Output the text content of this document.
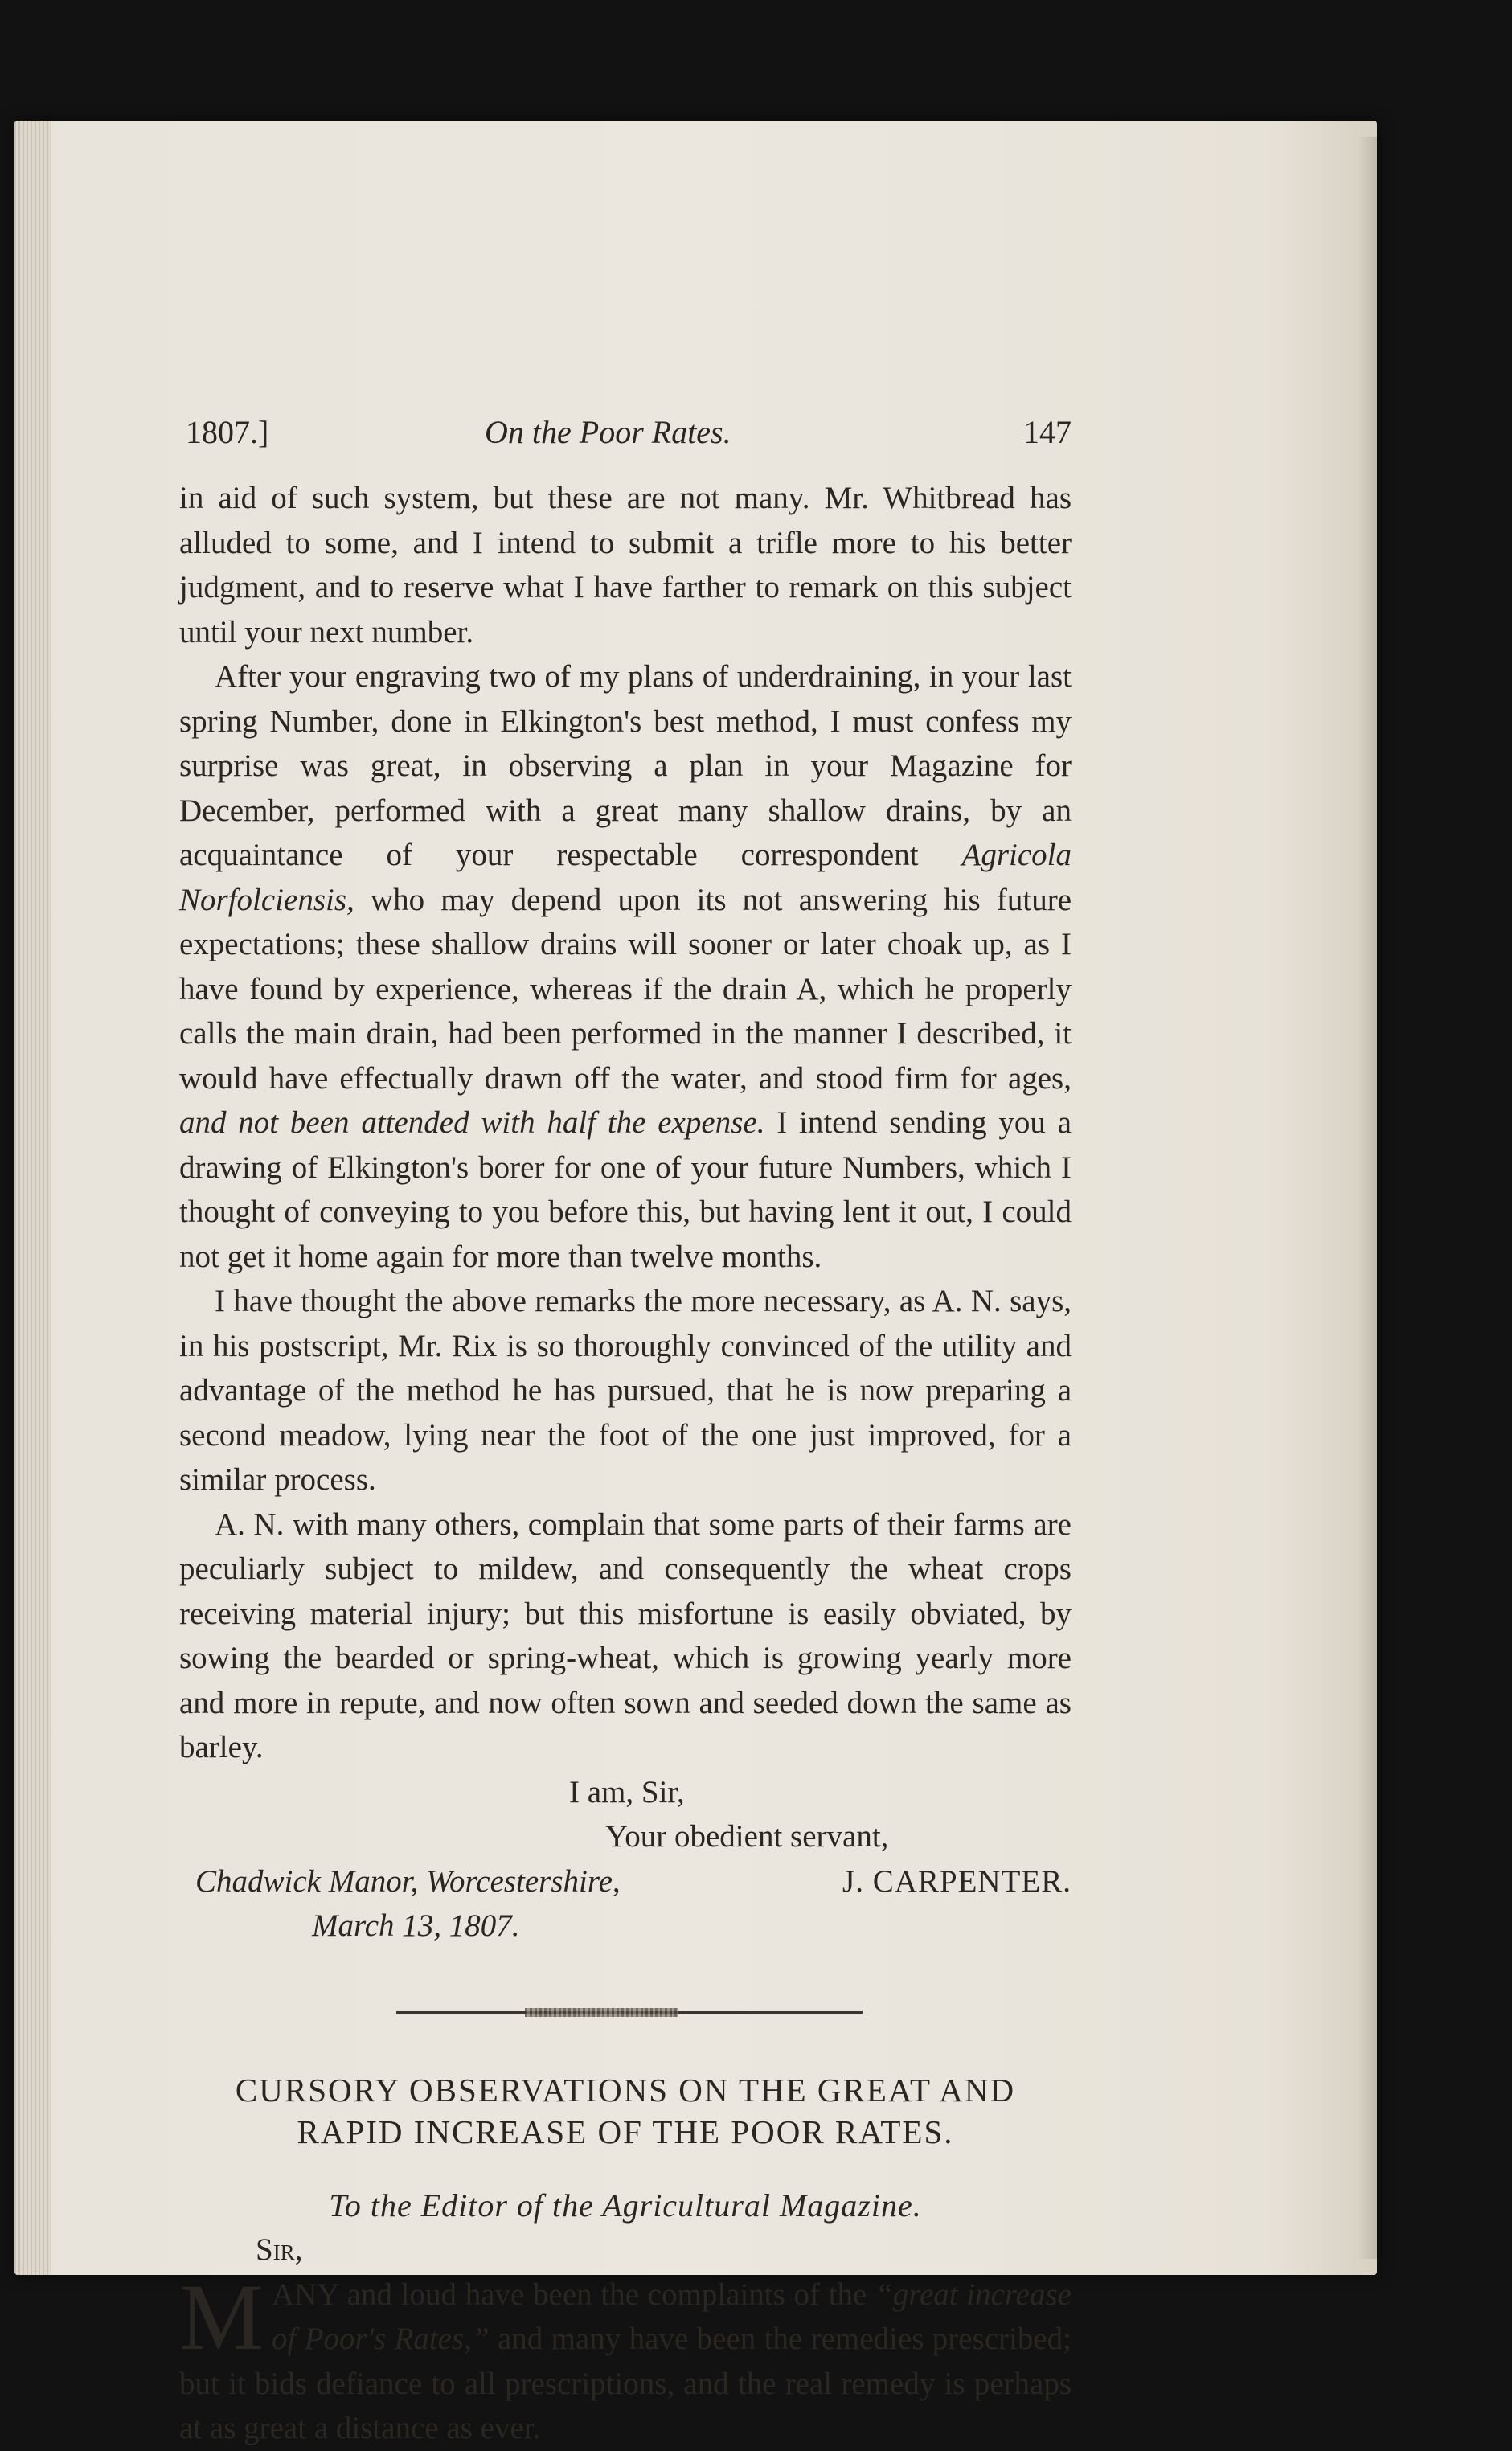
1807.]	On the Poor Rates.	147

in aid of such system, but these are not many. Mr. Whitbread has alluded to some, and I intend to submit a trifle more to his better judgment, and to reserve what I have farther to remark on this subject until your next number.

After your engraving two of my plans of underdraining, in your last spring Number, done in Elkington's best method, I must confess my surprise was great, in observing a plan in your Magazine for December, performed with a great many shallow drains, by an acquaintance of your respectable correspondent Agricola Norfolciensis, who may depend upon its not answering his future expectations; these shallow drains will sooner or later choak up, as I have found by experience, whereas if the drain A, which he properly calls the main drain, had been performed in the manner I described, it would have effectually drawn off the water, and stood firm for ages, and not been attended with half the expense. I intend sending you a drawing of Elkington's borer for one of your future Numbers, which I thought of conveying to you before this, but having lent it out, I could not get it home again for more than twelve months.

I have thought the above remarks the more necessary, as A. N. says, in his postscript, Mr. Rix is so thoroughly convinced of the utility and advantage of the method he has pursued, that he is now preparing a second meadow, lying near the foot of the one just improved, for a similar process.

A. N. with many others, complain that some parts of their farms are peculiarly subject to mildew, and consequently the wheat crops receiving material injury; but this misfortune is easily obviated, by sowing the bearded or spring-wheat, which is growing yearly more and more in repute, and now often sown and seeded down the same as barley.

I am, Sir,
Your obedient servant,
Chadwick Manor, Worcestershire,	J. CARPENTER.
March 13, 1807.

CURSORY OBSERVATIONS ON THE GREAT AND
RAPID INCREASE OF THE POOR RATES.

To the Editor of the Agricultural Magazine.

Sir,

MANY and loud have been the complaints of the “great increase of Poor's Rates,” and many have been the remedies prescribed; but it bids defiance to all prescriptions, and the real remedy is perhaps at as great a distance as ever.
